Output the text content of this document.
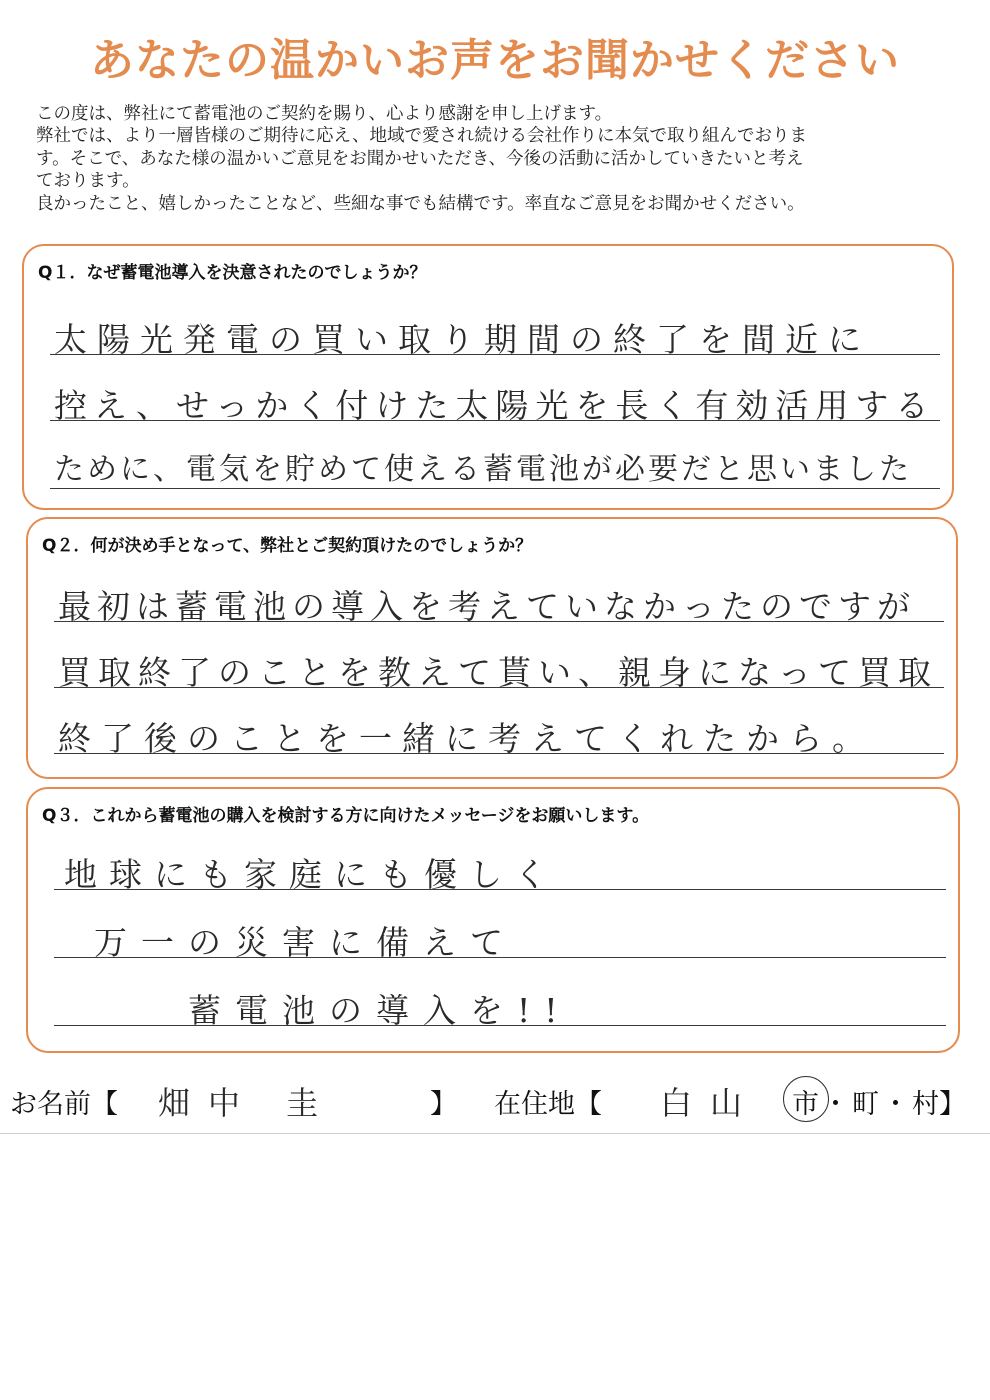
あなたの温かいお声をお聞かせください

この度は、弊社にて蓄電池のご契約を賜り、心より感謝を申し上げます。

弊社では、より一層皆様のご期待に応え、地域で愛され続ける会社作りに本気で取り組んでおりま

す。そこで、あなた様の温かいご意見をお聞かせいただき、今後の活動に活かしていきたいと考え

ております。

良かったこと、嬉しかったことなど、些細な事でも結構です。率直なご意見をお聞かせください。

Q１．なぜ蓄電池導入を決意されたのでしょうか？
太陽光発電の買い取り期間の終了を間近に
控え、せっかく付けた太陽光を長く有効活用する
ために、電気を貯めて使える蓄電池が必要だと思いました
Q２．何が決め手となって、弊社とご契約頂けたのでしょうか？
最初は蓄電池の導入を考えていなかったのですが
買取終了のことを教えて貰い、親身になって買取
終了後のことを一緒に考えてくれたから。
Q３．これから蓄電池の購入を検討する方に向けたメッセージをお願いします。
地球にも家庭にも優しく
万一の災害に備えて
蓄電池の導入を!!
お名前【 畑中 圭	】 在住地【 白山 市 ・ 町 ・ 村】
